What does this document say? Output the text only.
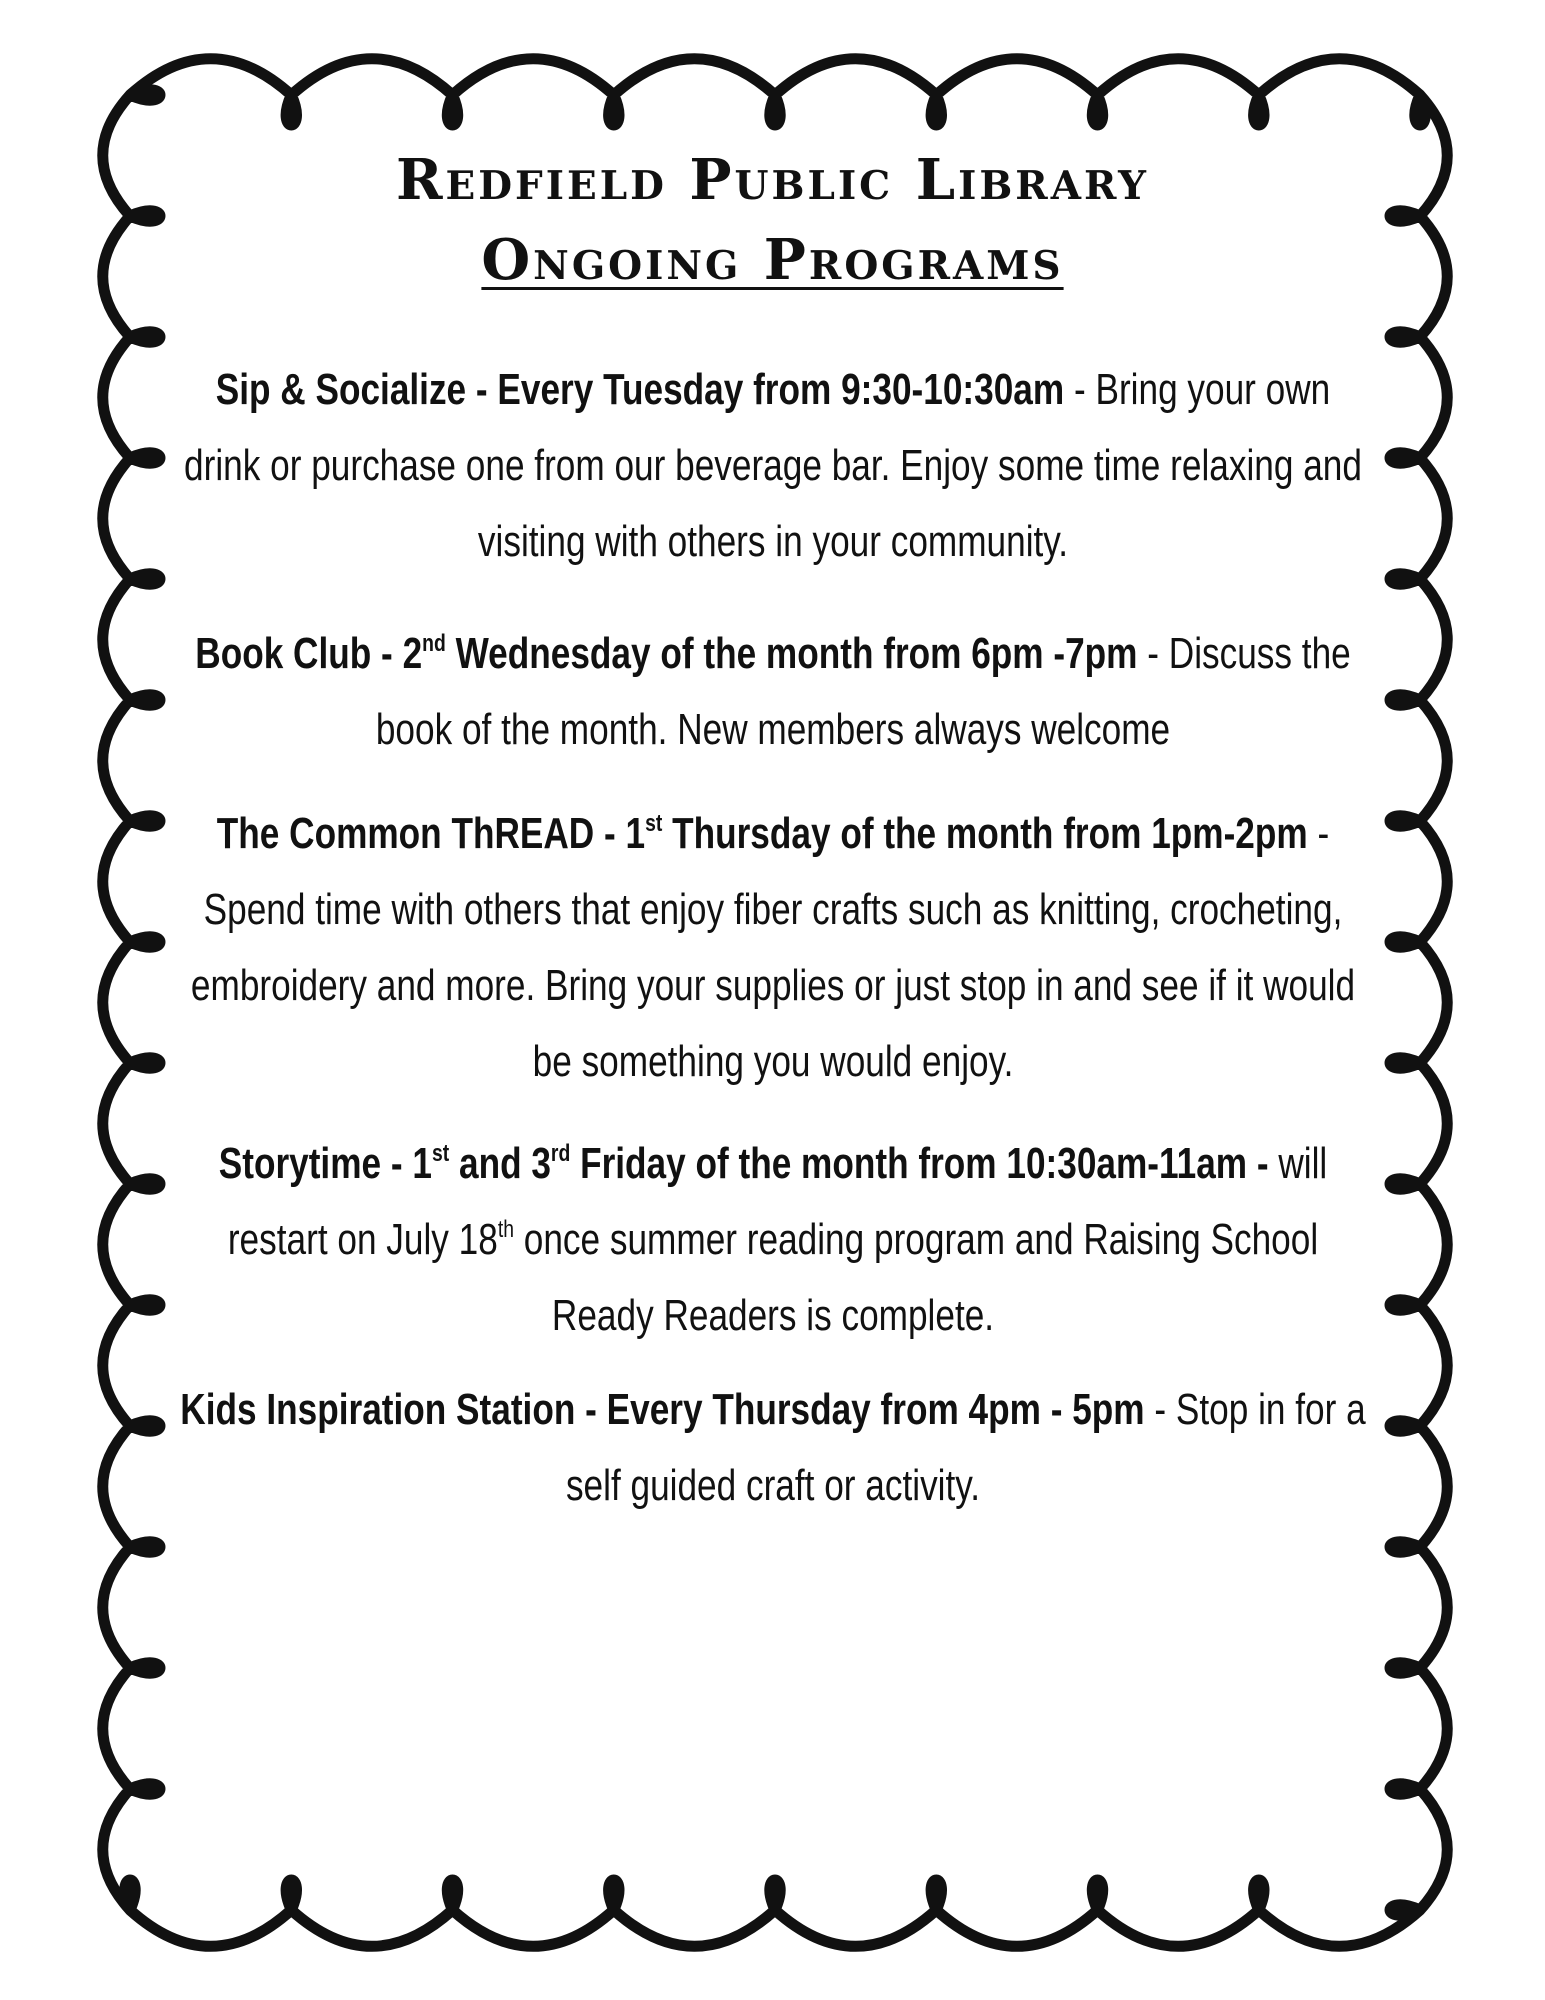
Redfield Public Library
Ongoing Programs
Sip & Socialize - Every Tuesday from 9:30-10:30am - Bring your own drink or purchase one from our beverage bar. Enjoy some time relaxing and visiting with others in your community.
Book Club - 2nd Wednesday of the month from 6pm -7pm - Discuss the book of the month. New members always welcome
The Common ThREAD - 1st Thursday of the month from 1pm-2pm - Spend time with others that enjoy fiber crafts such as knitting, crocheting, embroidery and more. Bring your supplies or just stop in and see if it would be something you would enjoy.
Storytime - 1st and 3rd Friday of the month from 10:30am-11am - will restart on July 18th once summer reading program and Raising School Ready Readers is complete.
Kids Inspiration Station - Every Thursday from 4pm - 5pm - Stop in for a self guided craft or activity.
